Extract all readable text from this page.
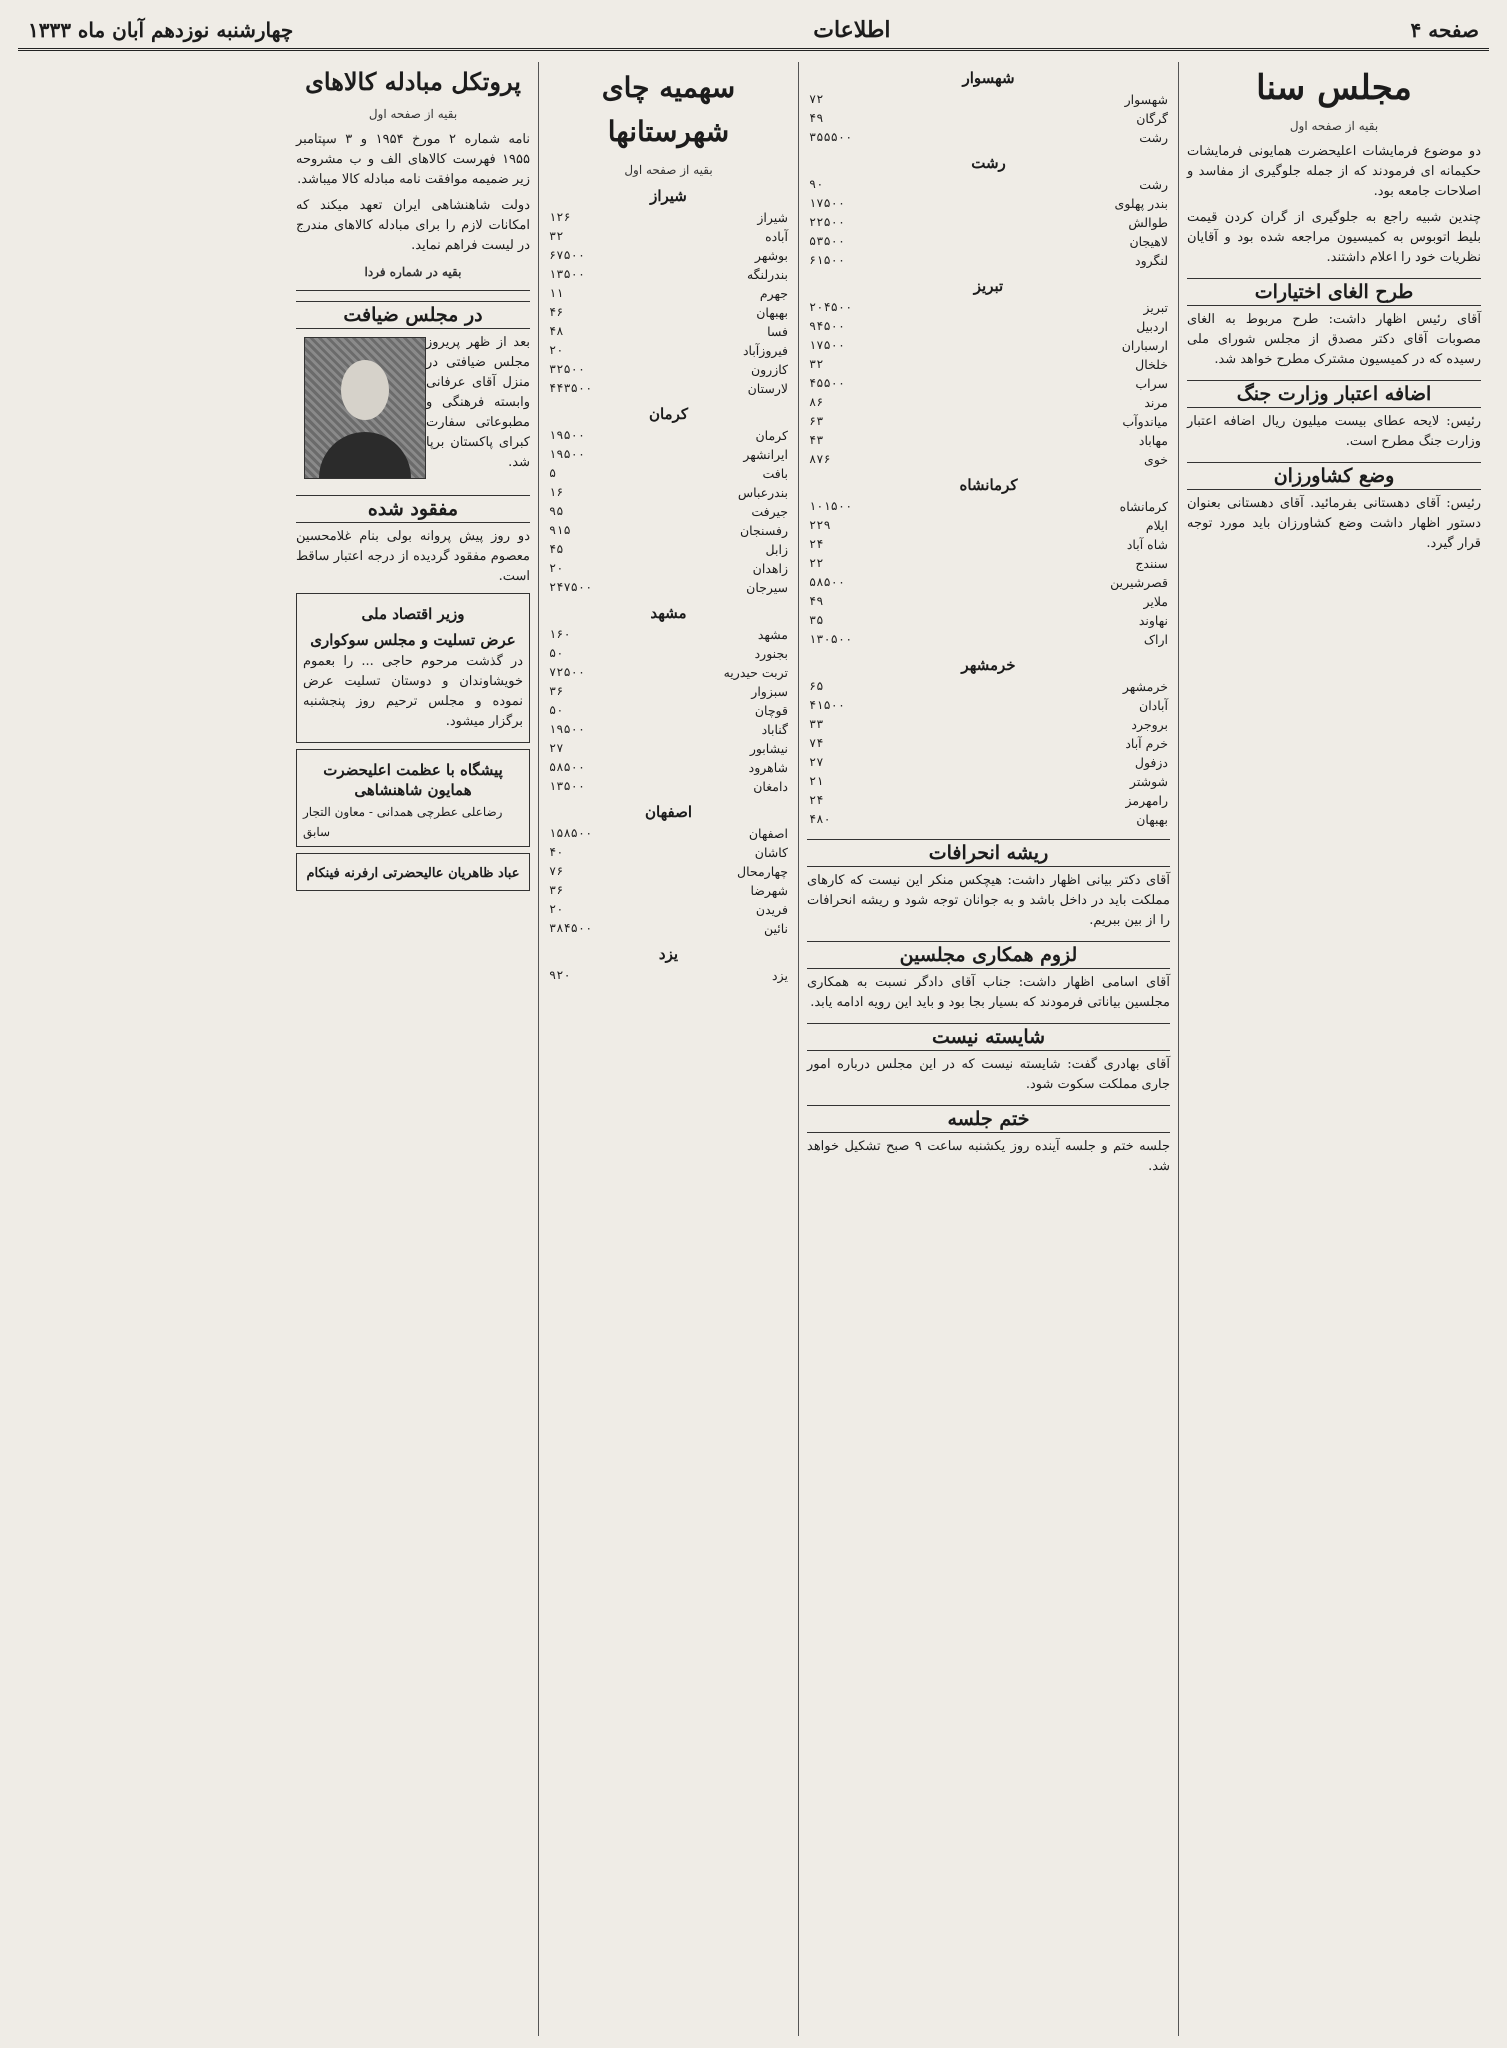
صفحه ۴
اطلاعات
چهارشنبه نوزدهم آبان ماه ۱۳۳۳
مجلس سنا
بقیه از صفحه اول

دو موضوع فرمایشات اعلیحضرت همایونی فرمایشات حکیمانه ای فرمودند که از جمله جلوگیری از مفاسد و اصلاحات جامعه بود.

چندین شبیه راجع به جلوگیری از گران کردن قیمت بلیط اتوبوس به کمیسیون مراجعه شده بود و آقایان نظریات خود را اعلام داشتند.

طرح الغای اختیارات

آقای رئیس اظهار داشت: طرح مربوط به الغای مصوبات آقای دکتر مصدق از مجلس شورای ملی رسیده که در کمیسیون مشترک مطرح خواهد شد.

اضافه اعتبار وزارت جنگ

رئیس: لایحه عطای بیست میلیون ریال اضافه اعتبار وزارت جنگ مطرح است.

وضع کشاورزان

رئیس: آقای دهستانی بفرمائید. آقای دهستانی بعنوان دستور اظهار داشت وضع کشاورزان باید مورد توجه قرار گیرد.

شهسوار
شهسوار	۷۲
گرگان	۴۹
رشت	۳۵۵۵۰۰
رشت
رشت	۹۰
بندر پهلوی	۱۷۵۰۰
طوالش	۲۲۵۰۰
لاهیجان	۵۳۵۰۰
لنگرود	۶۱۵۰۰
تبریز
تبریز	۲۰۴۵۰۰
اردبیل	۹۴۵۰۰
ارسباران	۱۷۵۰۰
خلخال	۳۲
سراب	۴۵۵۰۰
مرند	۸۶
میاندوآب	۶۳
مهاباد	۴۳
خوی	۸۷۶
کرمانشاه
کرمانشاه	۱۰۱۵۰۰
ایلام	۲۲۹
شاه آباد	۲۴
سنندج	۲۲
قصرشیرین	۵۸۵۰۰
ملایر	۴۹
نهاوند	۳۵
اراک	۱۳۰۵۰۰
خرمشهر
خرمشهر	۶۵
آبادان	۴۱۵۰۰
بروجرد	۳۳
خرم آباد	۷۴
دزفول	۲۷
شوشتر	۲۱
رامهرمز	۲۴
بهبهان	۴۸۰
ریشه انحرافات

آقای دکتر بیانی اظهار داشت: هیچکس منکر این نیست که کارهای مملکت باید در داخل باشد و به جوانان توجه شود و ریشه انحرافات را از بین ببریم.

لزوم همکاری مجلسین

آقای اسامی اظهار داشت: جناب آقای دادگر نسبت به همکاری مجلسین بیاناتی فرمودند که بسیار بجا بود و باید این رویه ادامه یابد.

شایسته نیست

آقای بهادری گفت: شایسته نیست که در این مجلس درباره امور جاری مملکت سکوت شود.

ختم جلسه

جلسه ختم و جلسه آینده روز یکشنبه ساعت ۹ صبح تشکیل خواهد شد.

سهمیه چای شهرستانها
بقیه از صفحه اول
شیراز
شیراز	۱۲۶
آباده	۳۲
بوشهر	۶۷۵۰۰
بندرلنگه	۱۳۵۰۰
جهرم	۱۱
بهبهان	۴۶
فسا	۴۸
فیروزآباد	۲۰
کازرون	۳۲۵۰۰
لارستان	۴۴۳۵۰۰
کرمان
کرمان	۱۹۵۰۰
ایرانشهر	۱۹۵۰۰
بافت	۵
بندرعباس	۱۶
جیرفت	۹۵
رفسنجان	۹۱۵
زابل	۴۵
زاهدان	۲۰
سیرجان	۲۴۷۵۰۰
مشهد
مشهد	۱۶۰
بجنورد	۵۰
تربت حیدریه	۷۲۵۰۰
سبزوار	۳۶
قوچان	۵۰
گناباد	۱۹۵۰۰
نیشابور	۲۷
شاهرود	۵۸۵۰۰
دامغان	۱۳۵۰۰
اصفهان
اصفهان	۱۵۸۵۰۰
کاشان	۴۰
چهارمحال	۷۶
شهرضا	۳۶
فریدن	۲۰
نائین	۳۸۴۵۰۰
یزد
یزد	۹۲۰
پروتکل مبادله کالاهای
بقیه از صفحه اول

نامه شماره ۲ مورخ ۱۹۵۴ و ۳ سپتامبر ۱۹۵۵ فهرست کالاهای الف و ب مشروحه زیر ضمیمه موافقت نامه مبادله کالا میباشد.

دولت شاهنشاهی ایران تعهد میکند که امکانات لازم را برای مبادله کالاهای مندرج در لیست فراهم نماید.

بقیه در شماره فردا
در مجلس ضیافت

بعد از ظهر پریروز مجلس ضیافتی در منزل آقای عرفانی وابسته فرهنگی و مطبوعاتی سفارت کبرای پاکستان برپا شد.

مفقود شده

دو روز پیش پروانه بولی بنام غلامحسین معصوم مفقود گردیده از درجه اعتبار ساقط است.

وزیر اقتصاد ملی
عرض تسلیت و مجلس سوکواری

در گذشت مرحوم حاجی ... را بعموم خویشاوندان و دوستان تسلیت عرض نموده و مجلس ترحیم روز پنجشنبه برگزار میشود.

پیشگاه با عظمت اعلیحضرت همایون شاهنشاهی
رضاعلی عطرچی همدانی - معاون التجار سابق
عباد ظاهریان عالیحضرتی ارفرنه فینکام
